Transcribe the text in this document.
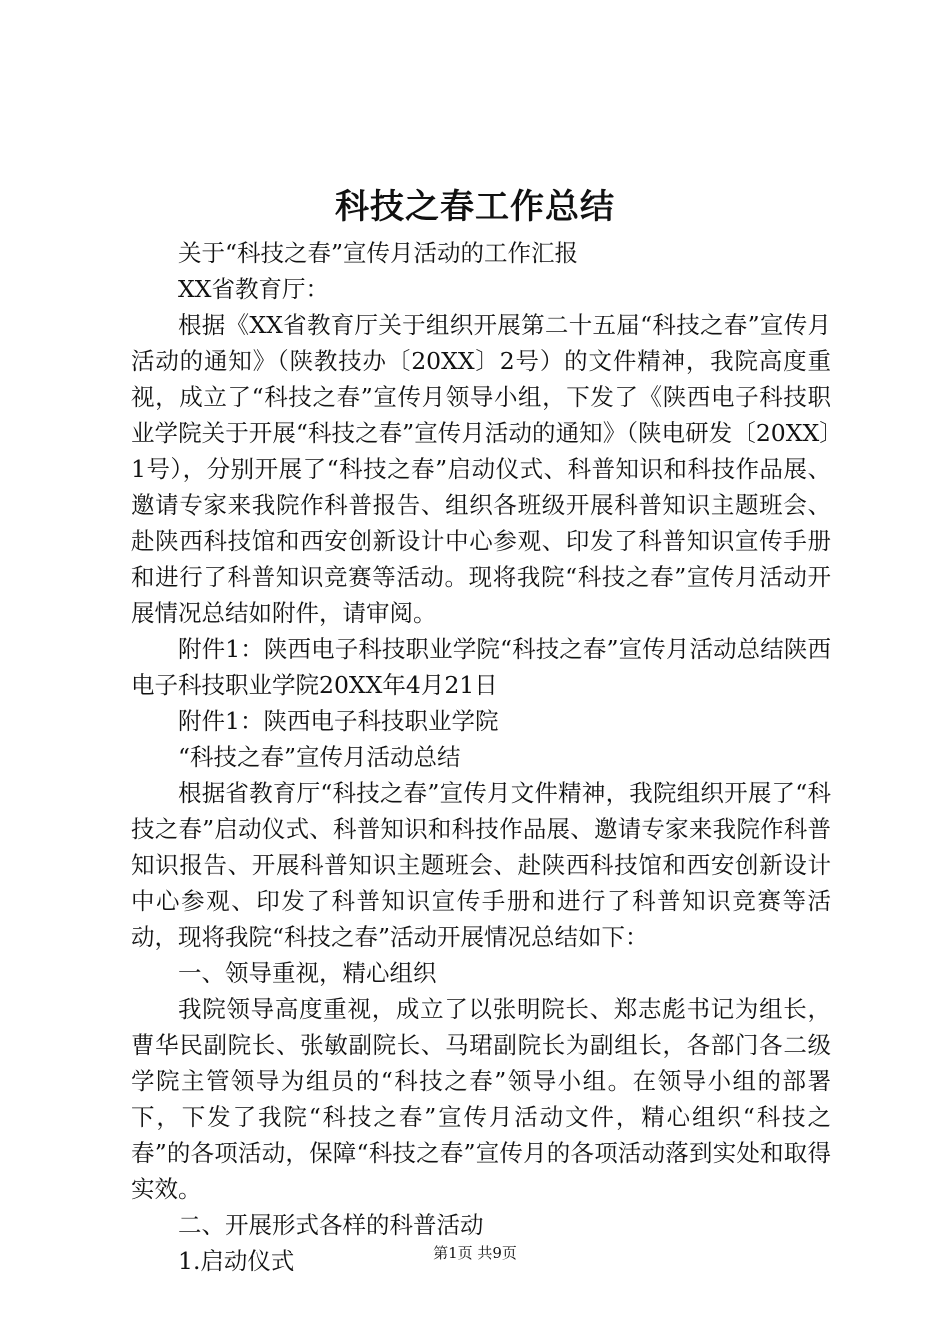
科技之春工作总结

关于“科技之春”宣传月活动的工作汇报

XX省教育厅：

根据《XX省教育厅关于组织开展第二十五届“科技之春”宣传月活动的通知》（陕教技办〔20XX〕2号）的文件精神，我院高度重视，成立了“科技之春”宣传月领导小组，下发了《陕西电子科技职业学院关于开展“科技之春”宣传月活动的通知》（陕电研发〔20XX〕1号），分别开展了“科技之春”启动仪式、科普知识和科技作品展、邀请专家来我院作科普报告、组织各班级开展科普知识主题班会、赴陕西科技馆和西安创新设计中心参观、印发了科普知识宣传手册和进行了科普知识竞赛等活动。现将我院“科技之春”宣传月活动开展情况总结如附件，请审阅。

附件1：陕西电子科技职业学院“科技之春”宣传月活动总结陕西电子科技职业学院20XX年4月21日

附件1：陕西电子科技职业学院

“科技之春”宣传月活动总结

根据省教育厅“科技之春”宣传月文件精神，我院组织开展了“科技之春”启动仪式、科普知识和科技作品展、邀请专家来我院作科普知识报告、开展科普知识主题班会、赴陕西科技馆和西安创新设计中心参观、印发了科普知识宣传手册和进行了科普知识竞赛等活动，现将我院“科技之春”活动开展情况总结如下：

一、领导重视，精心组织

我院领导高度重视，成立了以张明院长、郑志彪书记为组长，曹华民副院长、张敏副院长、马珺副院长为副组长，各部门各二级学院主管领导为组员的“科技之春”领导小组。在领导小组的部署下，下发了我院“科技之春”宣传月活动文件，精心组织“科技之春”的各项活动，保障“科技之春”宣传月的各项活动落到实处和取得实效。

二、开展形式各样的科普活动

1.启动仪式	第1页 共9页
